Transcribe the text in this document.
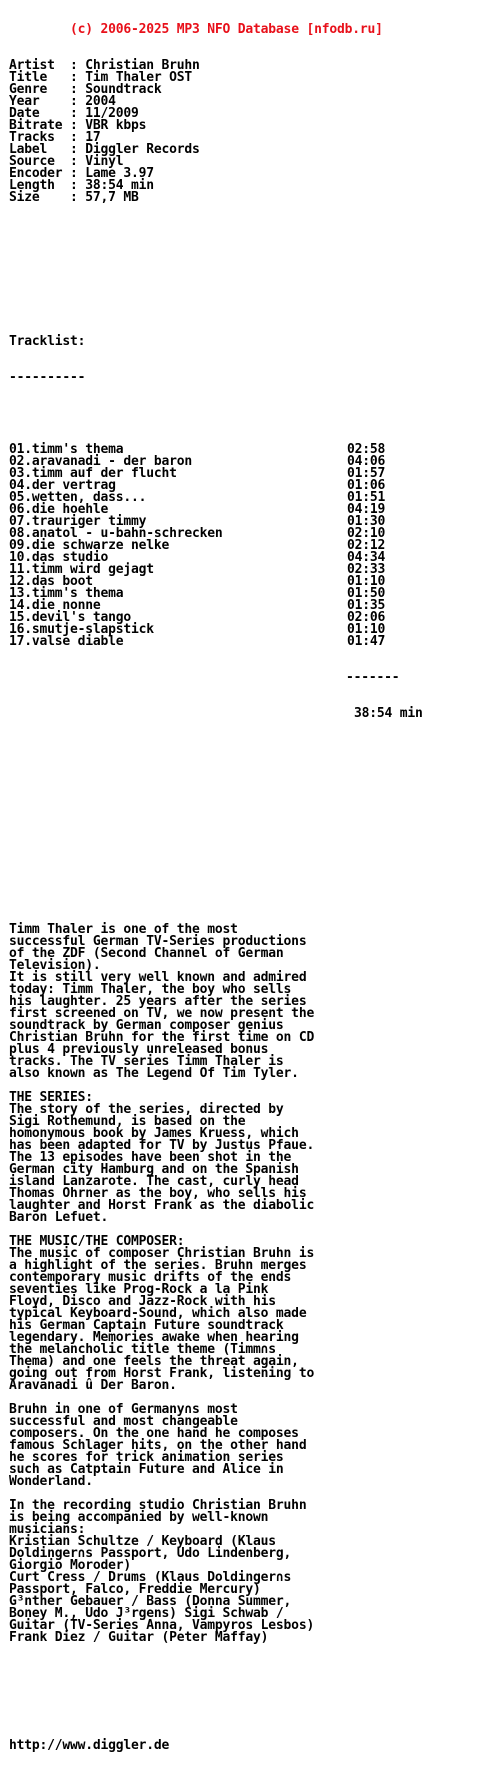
(c) 2006-2025 MP3 NFO Database [nfodb.ru]

Artist  : Christian Bruhn
Title   : Tim Thaler OST
Genre   : Soundtrack
Year    : 2004
Date    : 11/2009
Bitrate : VBR kbps
Tracks  : 17
Label   : Diggler Records
Source  : Vinyl
Encoder : Lame 3.97
Length  : 38:54 min
Size    : 57,7 MB

Tracklist:

----------

01.timm's thema	02:58
02.aravanadi - der baron	04:06
03.timm auf der flucht	01:57
04.der vertrag	01:06
05.wetten, dass...	01:51
06.die hoehle	04:19
07.trauriger timmy	01:30
08.anatol - u-bahn-schrecken	02:10
09.die schwarze nelke	02:12
10.das studio	04:34
11.timm wird gejagt	02:33
12.das boot	01:10
13.timm's thema	01:50
14.die nonne	01:35
15.devil's tango	02:06
16.smutje-slapstick	01:10
17.valse diable	01:47

-------

38:54 min

Timm Thaler is one of the most
successful German TV-Series productions
of the ZDF (Second Channel of German
Television).
It is still very well known and admired
today: Timm Thaler, the boy who sells
his laughter. 25 years after the series
first screened on TV, we now present the
soundtrack by German composer genius
Christian Bruhn for the first time on CD
plus 4 previously unreleased bonus
tracks. The TV series Timm Thaler is
also known as The Legend Of Tim Tyler.
THE SERIES:
The story of the series, directed by
Sigi Rothemund, is based on the
homonymous book by James Kruess, which
has been adapted for TV by Justus Pfaue.
The 13 episodes have been shot in the
German city Hamburg and on the Spanish
island Lanzarote. The cast, curly head
Thomas Ohrner as the boy, who sells his
laughter and Horst Frank as the diabolic
Baron Lefuet.
THE MUSIC/THE COMPOSER:
The music of composer Christian Bruhn is
a highlight of the series. Bruhn merges
contemporary music drifts of the ends
seventies like Prog-Rock a la Pink
Floyd, Disco and Jazz-Rock with his
typical Keyboard-Sound, which also made
his German Captain Future soundtrack
legendary. Memories awake when hearing
the melancholic title theme (Timm∩s
Thema) and one feels the threat again,
going out from Horst Frank, listening to
Aravanadi û Der Baron.
Bruhn in one of Germany∩s most
successful and most changeable
composers. On the one hand he composes
famous Schlager hits, on the other hand
he scores for trick animation series
such as Catptain Future and Alice in
Wonderland.
In the recording studio Christian Bruhn
is being accompanied by well-known
musicians:
Kristian Schultze / Keyboard (Klaus
Doldinger∩s Passport, Udo Lindenberg,
Giorgio Moroder)
Curt Cress / Drums (Klaus Doldinger∩s
Passport, Falco, Freddie Mercury)
G³nther Gebauer / Bass (Donna Summer,
Boney M., Udo J³rgens) Sigi Schwab /
Guitar (TV-Series Anna, Vampyros Lesbos)
Frank Diez / Guitar (Peter Maffay)

http://www.diggler.de
